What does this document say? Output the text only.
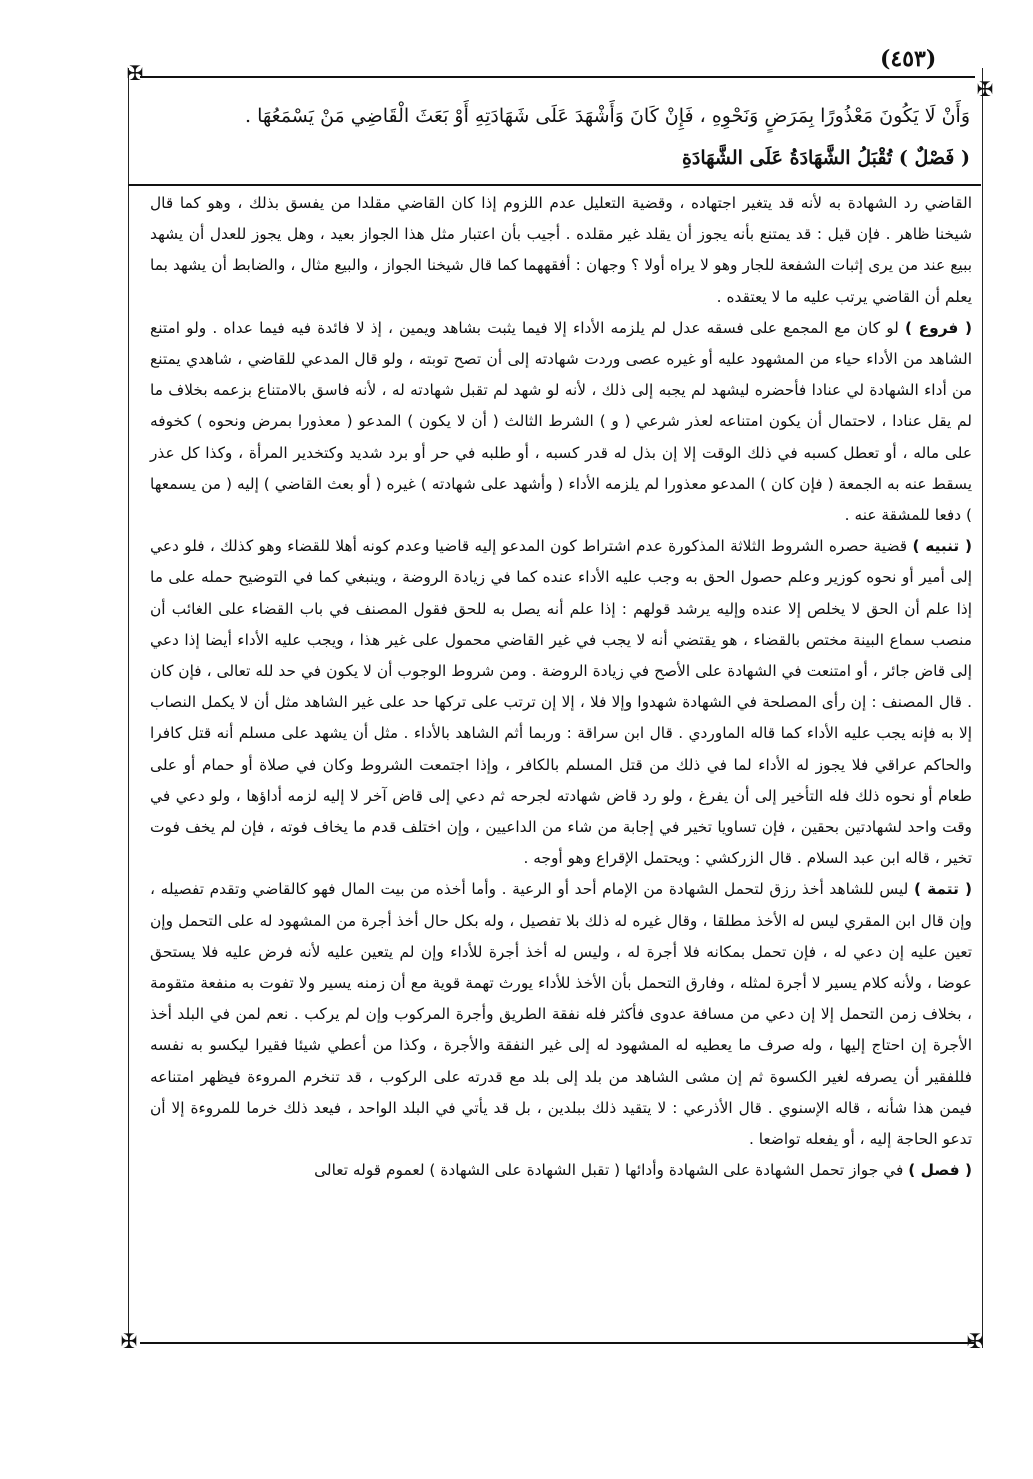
✠
✠
✠	✠
(٤٥٣)
وَأَنْ لَا يَكُونَ مَعْذُورًا بِمَرَضٍ وَنَحْوِهِ ، فَإِنْ كَانَ وَأَشْهَدَ عَلَى شَهَادَتِهِ أَوْ بَعَثَ الْقَاضِي مَنْ يَسْمَعُهَا .
( فَصْلٌ ) تُقْبَلُ الشَّهَادَةُ عَلَى الشَّهَادَةِ

القاضي رد الشهادة به لأنه قد يتغير اجتهاده ، وقضية التعليل عدم اللزوم إذا كان القاضي مقلدا من يفسق بذلك ، وهو كما قال شيخنا ظاهر . فإن قيل : قد يمتنع بأنه يجوز أن يقلد غير مقلده . أجيب بأن اعتبار مثل هذا الجواز بعيد ، وهل يجوز للعدل أن يشهد ببيع عند من يرى إثبات الشفعة للجار وهو لا يراه أولا ؟ وجهان : أفقههما كما قال شيخنا الجواز ، والبيع مثال ، والضابط أن يشهد بما يعلم أن القاضي يرتب عليه ما لا يعتقده .

( فروع ) لو كان مع المجمع على فسقه عدل لم يلزمه الأداء إلا فيما يثبت بشاهد ويمين ، إذ لا فائدة فيه فيما عداه . ولو امتنع الشاهد من الأداء حياء من المشهود عليه أو غيره عصى وردت شهادته إلى أن تصح توبته ، ولو قال المدعي للقاضي ، شاهدي يمتنع من أداء الشهادة لي عنادا فأحضره ليشهد لم يجبه إلى ذلك ، لأنه لو شهد لم تقبل شهادته له ، لأنه فاسق بالامتناع بزعمه بخلاف ما لم يقل عنادا ، لاحتمال أن يكون امتناعه لعذر شرعي ( و ) الشرط الثالث ( أن لا يكون ) المدعو ( معذورا بمرض ونحوه ) كخوفه على ماله ، أو تعطل كسبه في ذلك الوقت إلا إن بذل له قدر كسبه ، أو طلبه في حر أو برد شديد وكتخدير المرأة ، وكذا كل عذر يسقط عنه به الجمعة ( فإن كان ) المدعو معذورا لم يلزمه الأداء ( وأشهد على شهادته ) غيره ( أو بعث القاضي ) إليه ( من يسمعها ) دفعا للمشقة عنه .

( تنبيه ) قضية حصره الشروط الثلاثة المذكورة عدم اشتراط كون المدعو إليه قاضيا وعدم كونه أهلا للقضاء وهو كذلك ، فلو دعي إلى أمير أو نحوه كوزير وعلم حصول الحق به وجب عليه الأداء عنده كما في زيادة الروضة ، وينبغي كما في التوضيح حمله على ما إذا علم أن الحق لا يخلص إلا عنده وإليه يرشد قولهم : إذا علم أنه يصل به للحق فقول المصنف في باب القضاء على الغائب أن منصب سماع البينة مختص بالقضاء ، هو يقتضي أنه لا يجب في غير القاضي محمول على غير هذا ، ويجب عليه الأداء أيضا إذا دعي إلى قاض جائر ، أو امتنعت في الشهادة على الأصح في زيادة الروضة . ومن شروط الوجوب أن لا يكون في حد لله تعالى ، فإن كان . قال المصنف : إن رأى المصلحة في الشهادة شهدوا وإلا فلا ، إلا إن ترتب على تركها حد على غير الشاهد مثل أن لا يكمل النصاب إلا به فإنه يجب عليه الأداء كما قاله الماوردي . قال ابن سراقة : وربما أثم الشاهد بالأداء . مثل أن يشهد على مسلم أنه قتل كافرا والحاكم عراقي فلا يجوز له الأداء لما في ذلك من قتل المسلم بالكافر ، وإذا اجتمعت الشروط وكان في صلاة أو حمام أو على طعام أو نحوه ذلك فله التأخير إلى أن يفرغ ، ولو رد قاض شهادته لجرحه ثم دعي إلى قاض آخر لا إليه لزمه أداؤها ، ولو دعي في وقت واحد لشهادتين بحقين ، فإن تساويا تخير في إجابة من شاء من الداعيين ، وإن اختلف قدم ما يخاف فوته ، فإن لم يخف فوت تخير ، قاله ابن عبد السلام . قال الزركشي : ويحتمل الإقراع وهو أوجه .

( تتمة ) ليس للشاهد أخذ رزق لتحمل الشهادة من الإمام أحد أو الرعية . وأما أخذه من بيت المال فهو كالقاضي وتقدم تفصيله ، وإن قال ابن المقري ليس له الأخذ مطلقا ، وقال غيره له ذلك بلا تفصيل ، وله بكل حال أخذ أجرة من المشهود له على التحمل وإن تعين عليه إن دعي له ، فإن تحمل بمكانه فلا أجرة له ، وليس له أخذ أجرة للأداء وإن لم يتعين عليه لأنه فرض عليه فلا يستحق عوضا ، ولأنه كلام يسير لا أجرة لمثله ، وفارق التحمل بأن الأخذ للأداء يورث تهمة قوية مع أن زمنه يسير ولا تفوت به منفعة متقومة ، بخلاف زمن التحمل إلا إن دعي من مسافة عدوى فأكثر فله نفقة الطريق وأجرة المركوب وإن لم يركب . نعم لمن في البلد أخذ الأجرة إن احتاج إليها ، وله صرف ما يعطيه له المشهود له إلى غير النفقة والأجرة ، وكذا من أعطي شيئا فقيرا ليكسو به نفسه فللفقير أن يصرفه لغير الكسوة ثم إن مشى الشاهد من بلد إلى بلد مع قدرته على الركوب ، قد تنخرم المروءة فيظهر امتناعه فيمن هذا شأنه ، قاله الإسنوي . قال الأذرعي : لا يتقيد ذلك ببلدين ، بل قد يأتي في البلد الواحد ، فيعد ذلك خرما للمروءة إلا أن تدعو الحاجة إليه ، أو يفعله تواضعا .

( فصل ) في جواز تحمل الشهادة على الشهادة وأدائها ( تقبل الشهادة على الشهادة ) لعموم قوله تعالى
